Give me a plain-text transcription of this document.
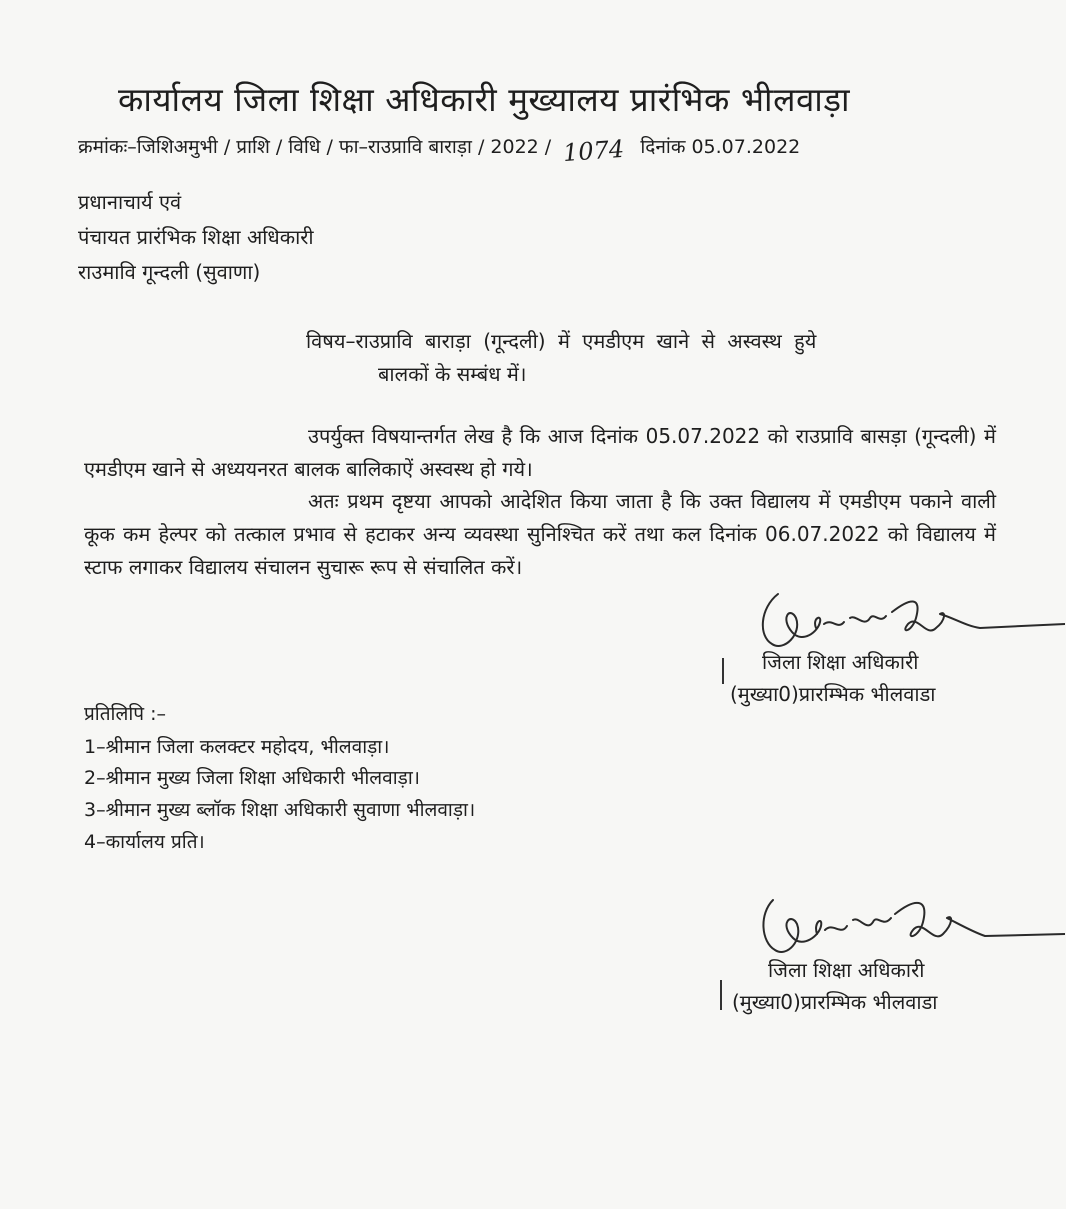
कार्यालय जिला शिक्षा अधिकारी मुख्यालय प्रारंभिक भीलवाड़ा
क्रमांकः–जिशिअमुभी / प्राशि / विधि / फा–राउप्रावि बाराड़ा / 2022 / 1074 दिनांक 05.07.2022
प्रधानाचार्य एवं
पंचायत प्रारंभिक शिक्षा अधिकारी
राउमावि गून्दली (सुवाणा)
विषय–राउप्रावि बाराड़ा (गून्दली) में एमडीएम खाने से अस्वस्थ हुये
बालकों के सम्बंध में।
उपर्युक्त विषयान्तर्गत लेख है कि आज दिनांक 05.07.2022 को राउप्रावि बासड़ा (गून्दली) में एमडीएम खाने से अध्ययनरत बालक बालिकाऐं अस्वस्थ हो गये।
अतः प्रथम दृष्टया आपको आदेशित किया जाता है कि उक्त विद्यालय में एमडीएम पकाने वाली कूक कम हेल्पर को तत्काल प्रभाव से हटाकर अन्य व्यवस्था सुनिश्चित करें तथा कल दिनांक 06.07.2022 को विद्यालय में स्टाफ लगाकर विद्यालय संचालन सुचारू रूप से संचालित करें।
जिला शिक्षा अधिकारी
(मुख्या0)प्रारम्भिक भीलवाडा
प्रतिलिपि :–
1–श्रीमान जिला कलक्टर महोदय, भीलवाड़ा।
2–श्रीमान मुख्य जिला शिक्षा अधिकारी भीलवाड़ा।
3–श्रीमान मुख्य ब्लॉक शिक्षा अधिकारी सुवाणा भीलवाड़ा।
4–कार्यालय प्रति।
जिला शिक्षा अधिकारी
(मुख्या0)प्रारम्भिक भीलवाडा
